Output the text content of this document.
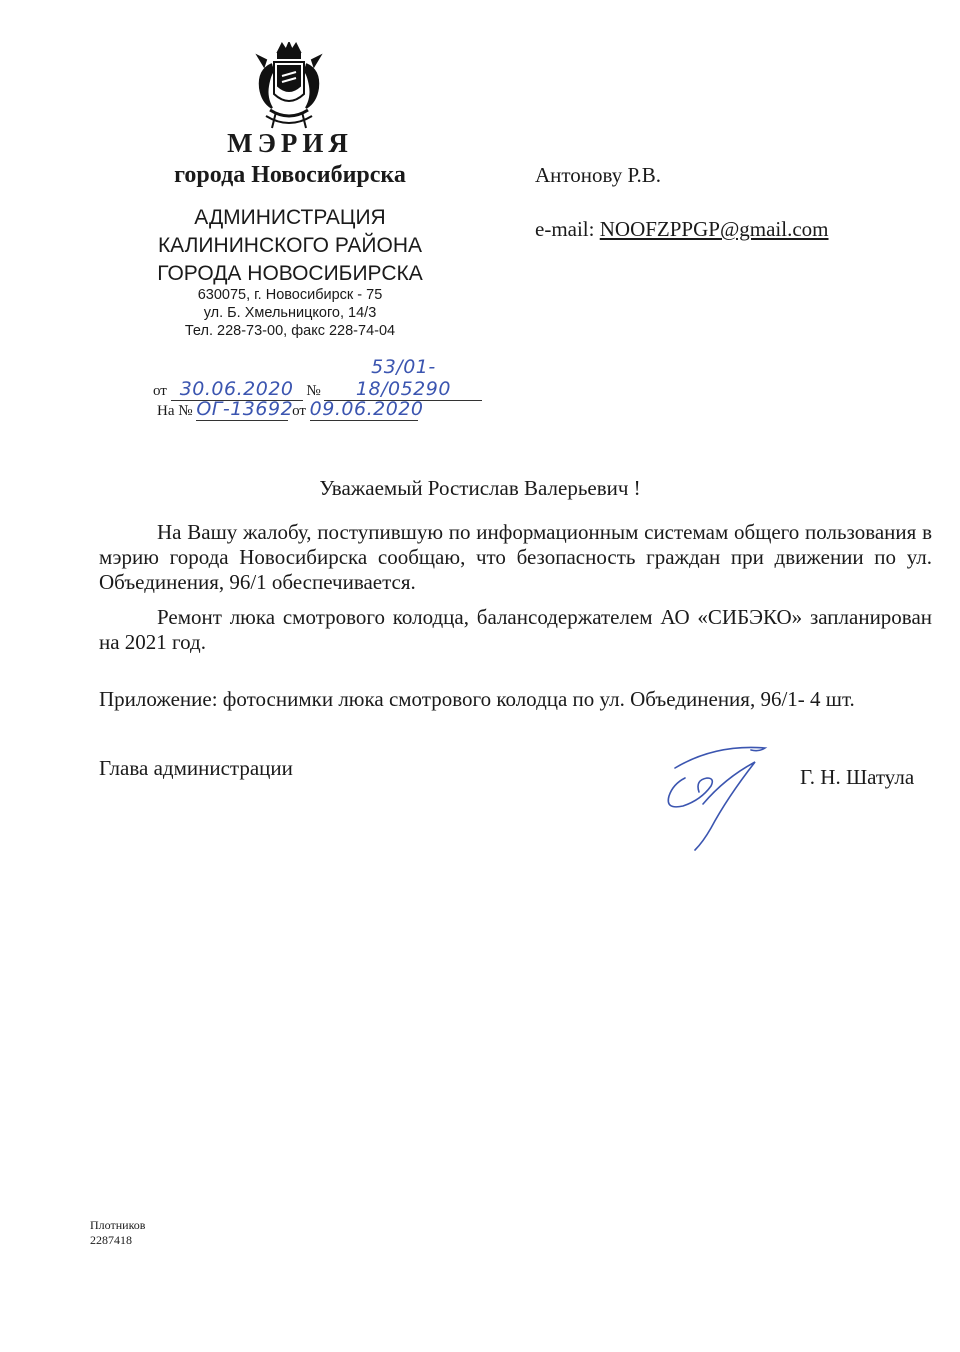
МЭРИЯ
города Новосибирска
АДМИНИСТРАЦИЯ
КАЛИНИНСКОГО РАЙОНА
ГОРОДА НОВОСИБИРСКА
630075, г. Новосибирск - 75
ул. Б. Хмельницкого, 14/3
Тел. 228-73-00, факс 228-74-04
от 30.06.2020 № 53/01-18/05290
На № ОГ-13692 от 09.06.2020
Антонову Р.В.
e-mail: NOOFZPPGP@gmail.com
Уважаемый Ростислав Валерьевич !
На Вашу жалобу, поступившую по информационным системам общего пользования в мэрию города Новосибирска сообщаю, что безопасность граждан при движении по ул. Объединения, 96/1 обеспечивается.
Ремонт люка смотрового колодца, балансодержателем АО «СИБЭКО» запланирован на 2021 год.
Приложение: фотоснимки люка смотрового колодца по ул. Объединения, 96/1- 4 шт.
Глава администрации	Г. Н. Шатула
Плотников
2287418
